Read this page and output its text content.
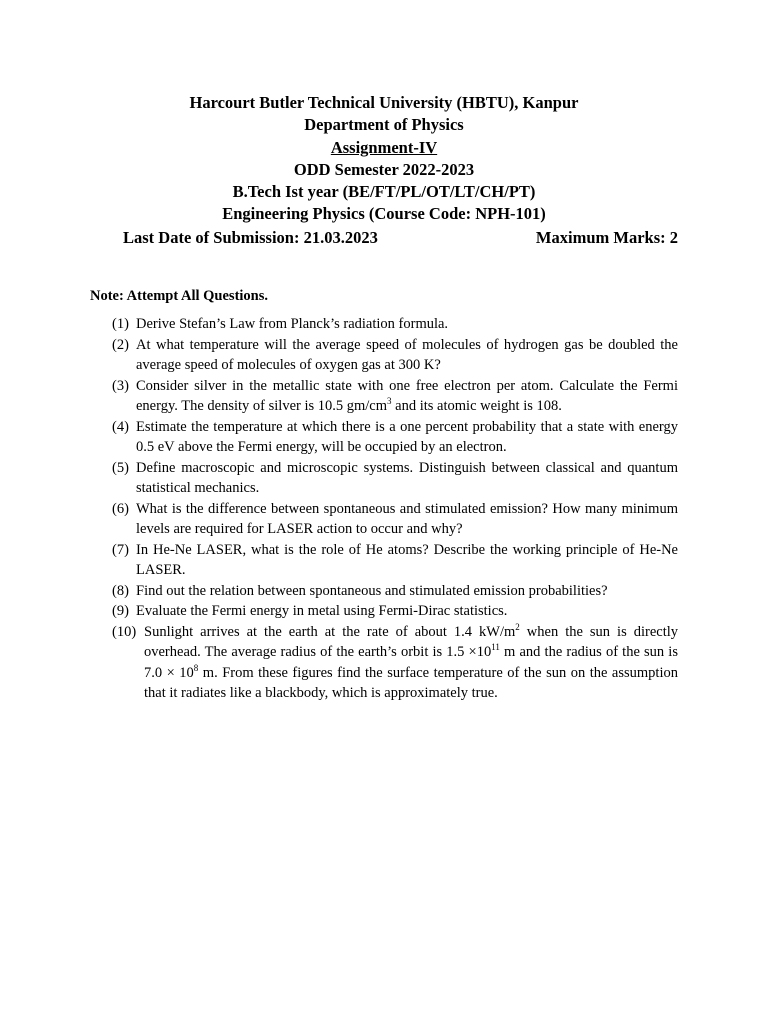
Harcourt Butler Technical University (HBTU), Kanpur
Department of Physics
Assignment-IV
ODD Semester 2022-2023
B.Tech Ist year (BE/FT/PL/OT/LT/CH/PT)
Engineering Physics (Course Code: NPH-101)
Last Date of Submission: 21.03.2023	Maximum Marks: 2
Note: Attempt All Questions.
(1) Derive Stefan’s Law from Planck’s radiation formula.
(2) At what temperature will the average speed of molecules of hydrogen gas be doubled the average speed of molecules of oxygen gas at 300 K?
(3) Consider silver in the metallic state with one free electron per atom. Calculate the Fermi energy. The density of silver is 10.5 $gm/cm^3$ and its atomic weight is 108.
(4) Estimate the temperature at which there is a one percent probability that a state with energy 0.5 eV above the Fermi energy, will be occupied by an electron.
(5) Define macroscopic and microscopic systems. Distinguish between classical and quantum statistical mechanics.
(6) What is the difference between spontaneous and stimulated emission? How many minimum levels are required for LASER action to occur and why?
(7) In He-Ne LASER, what is the role of He atoms? Describe the working principle of He-Ne LASER.
(8) Find out the relation between spontaneous and stimulated emission probabilities?
(9) Evaluate the Fermi energy in metal using Fermi-Dirac statistics.
(10) Sunlight arrives at the earth at the rate of about 1.4 $kW/m^2$ when the sun is directly overhead. The average radius of the earth’s orbit is $1.5 \times 10^{11}$ m and the radius of the sun is $7.0 \times 10^8$ m. From these figures find the surface temperature of the sun on the assumption that it radiates like a blackbody, which is approximately true.
